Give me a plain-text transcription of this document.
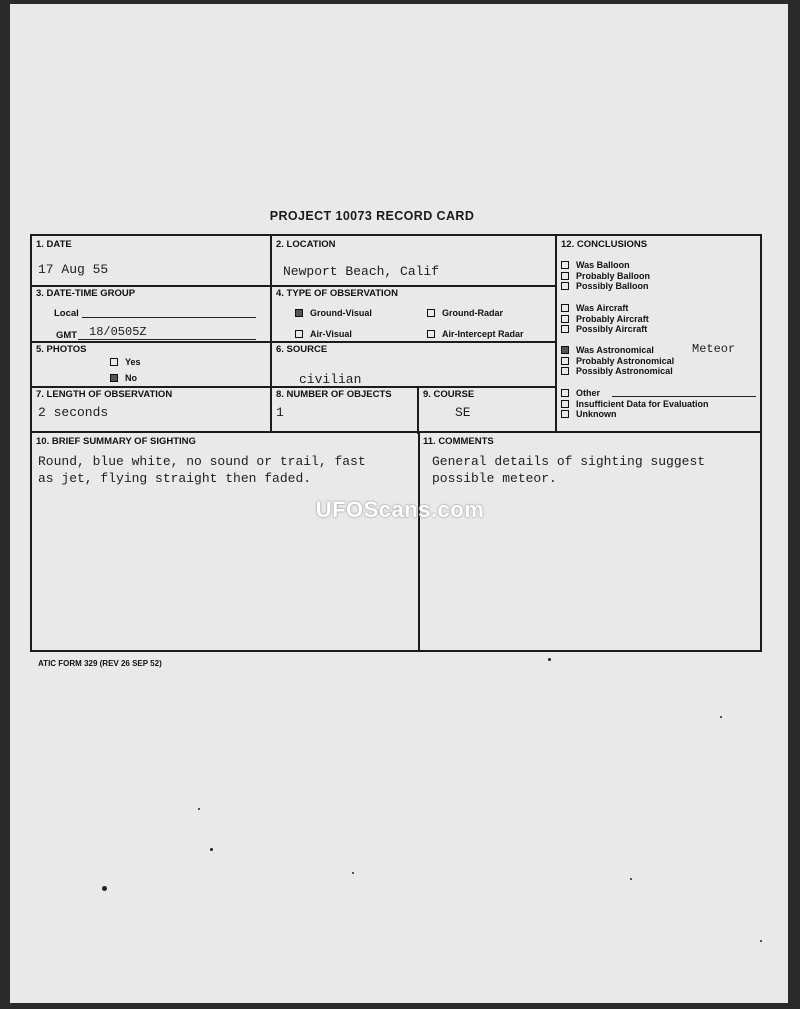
PROJECT 10073 RECORD CARD
1. DATE
17 Aug 55
2. LOCATION
Newport Beach, Calif
3. DATE-TIME GROUP
Local
GMT 18/0505Z
4. TYPE OF OBSERVATION
Ground-Visual	Ground-Radar
Air-Visual	Air-Intercept Radar
5. PHOTOS
Yes
No
6. SOURCE
civilian
7. LENGTH OF OBSERVATION
2 seconds
8. NUMBER OF OBJECTS
1
9. COURSE
SE
12. CONCLUSIONS
Was Balloon
Probably Balloon
Possibly Balloon
Was Aircraft
Probably Aircraft
Possibly Aircraft
Was Astronomical
Probably Astronomical
Possibly Astronomical
Other
Insufficient Data for Evaluation
Unknown
Meteor
10. BRIEF SUMMARY OF SIGHTING
Round, blue white, no sound or trail, fast
as jet, flying straight then faded.
11. COMMENTS
General details of sighting suggest
possible meteor.
UFOScans.com
ATIC FORM 329 (REV 26 SEP 52)
